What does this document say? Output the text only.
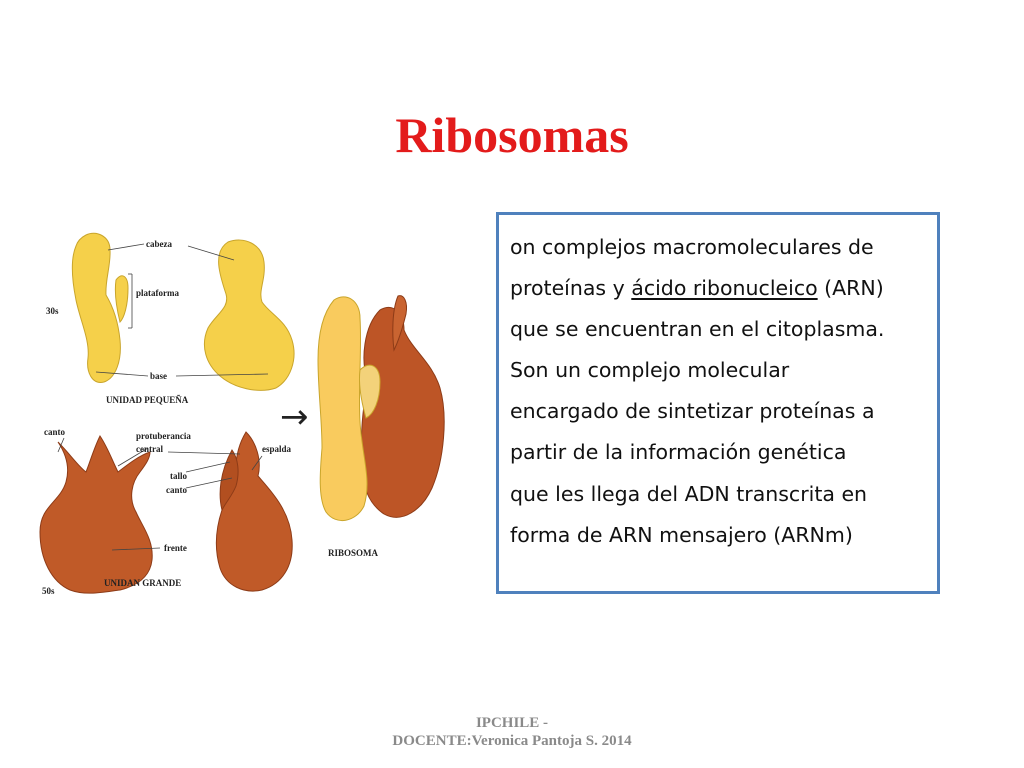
Ribosomas
→
30s
cabeza
plataforma
base
UNIDAD PEQUEÑA
canto	protuberancia
central	espalda
tallo
canto
frente
50s
UNIDAN GRANDE
RIBOSOMA

on complejos macromoleculares de

proteínas y ácido ribonucleico (ARN)

que se encuentran en el citoplasma.

Son un complejo molecular

encargado de sintetizar proteínas a

partir de la información genética

que les llega del ADN transcrita en

forma de ARN mensajero (ARNm)

IPCHILE -
DOCENTE:Veronica Pantoja S. 2014
